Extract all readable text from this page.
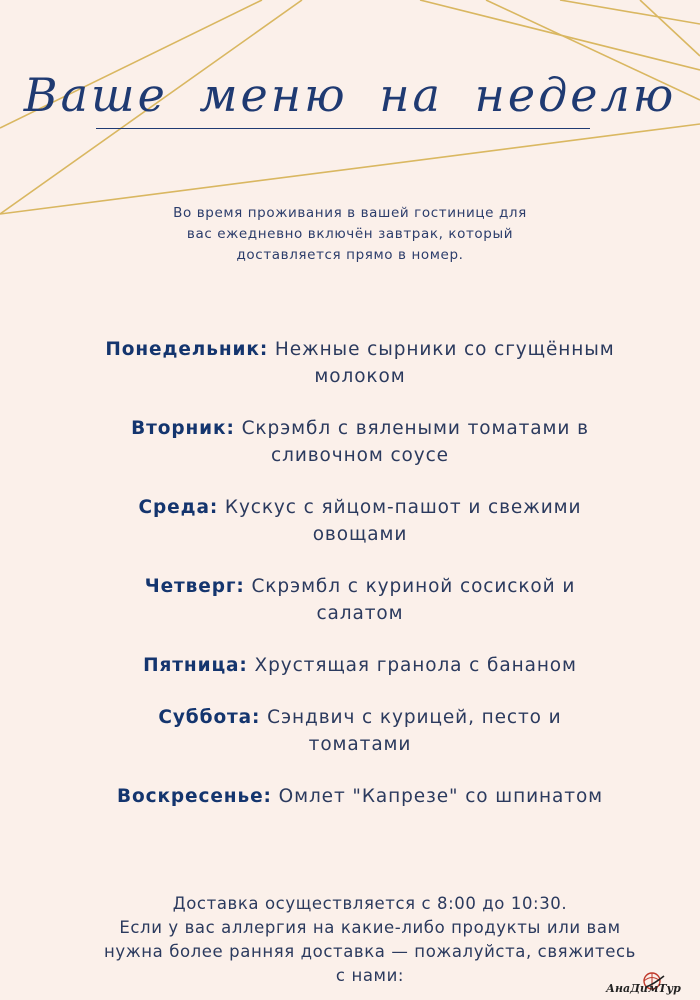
Ваше меню на неделю
Во время проживания в вашей гостинице для
вас ежедневно включён завтрак, который
доставляется прямо в номер.
Понедельник: Нежные сырники со сгущённым
молоком
Вторник: Скрэмбл с вялеными томатами в
сливочном соусе
Среда: Кускус с яйцом-пашот и свежими
овощами
Четверг: Скрэмбл с куриной сосиской и
салатом
Пятница: Хрустящая гранола с бананом
Суббота: Сэндвич с курицей, песто и
томатами
Воскресенье: Омлет "Капрезе" со шпинатом
Доставка осуществляется с 8:00 до 10:30.
Если у вас аллергия на какие-либо продукты или вам
нужна более ранняя доставка — пожалуйста, свяжитесь
с нами:
АнаДимТур
